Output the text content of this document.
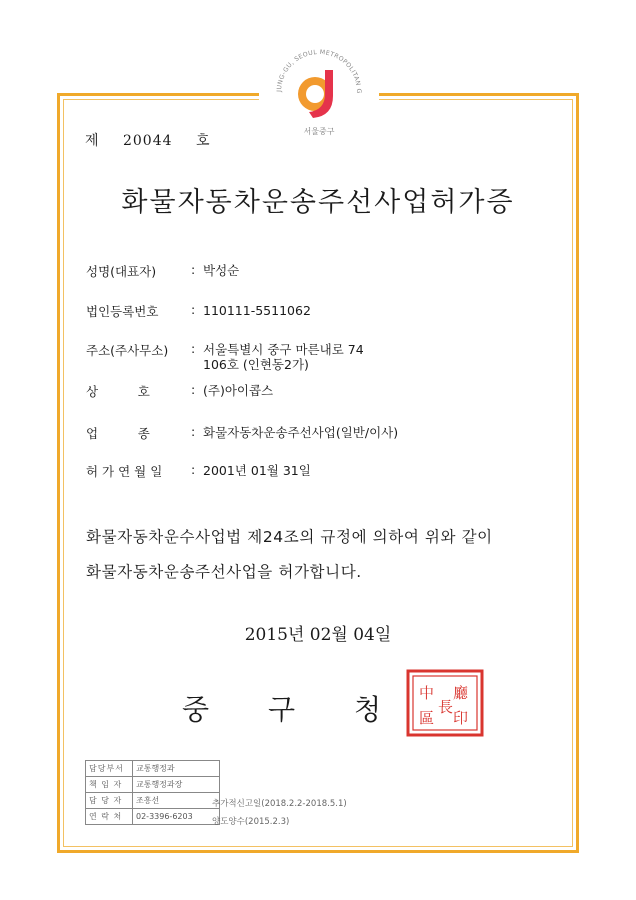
JUNG-GU, SEOUL METROPOLITAN G
서울중구
제 20044 호
화물자동차운송주선사업허가증
성명(대표자)	: 박성순
법인등록번호	: 110111-5511062
주소(주사무소) : 서울특별시 중구 마른내로 74
106호 (인현동2가)
상          호	: (주)아이콥스
업          종	: 화물자동차운송주선사업(일반/이사)
허 가 연 월 일 : 2001년 01월 31일
화물자동차운수사업법 제24조의 규정에 의하여 위와 같이
화물자동차운송주선사업을 허가합니다.
2015년 02월 04일
중 구 청	中
區
廳
印
長
담당부서	교통행정과
책 임 자	교통행정과장
담 당 자	조흥선
연 락 처	02-3396-6203
추가적신고일(2018.2.2-2018.5.1)
양도양수(2015.2.3)
